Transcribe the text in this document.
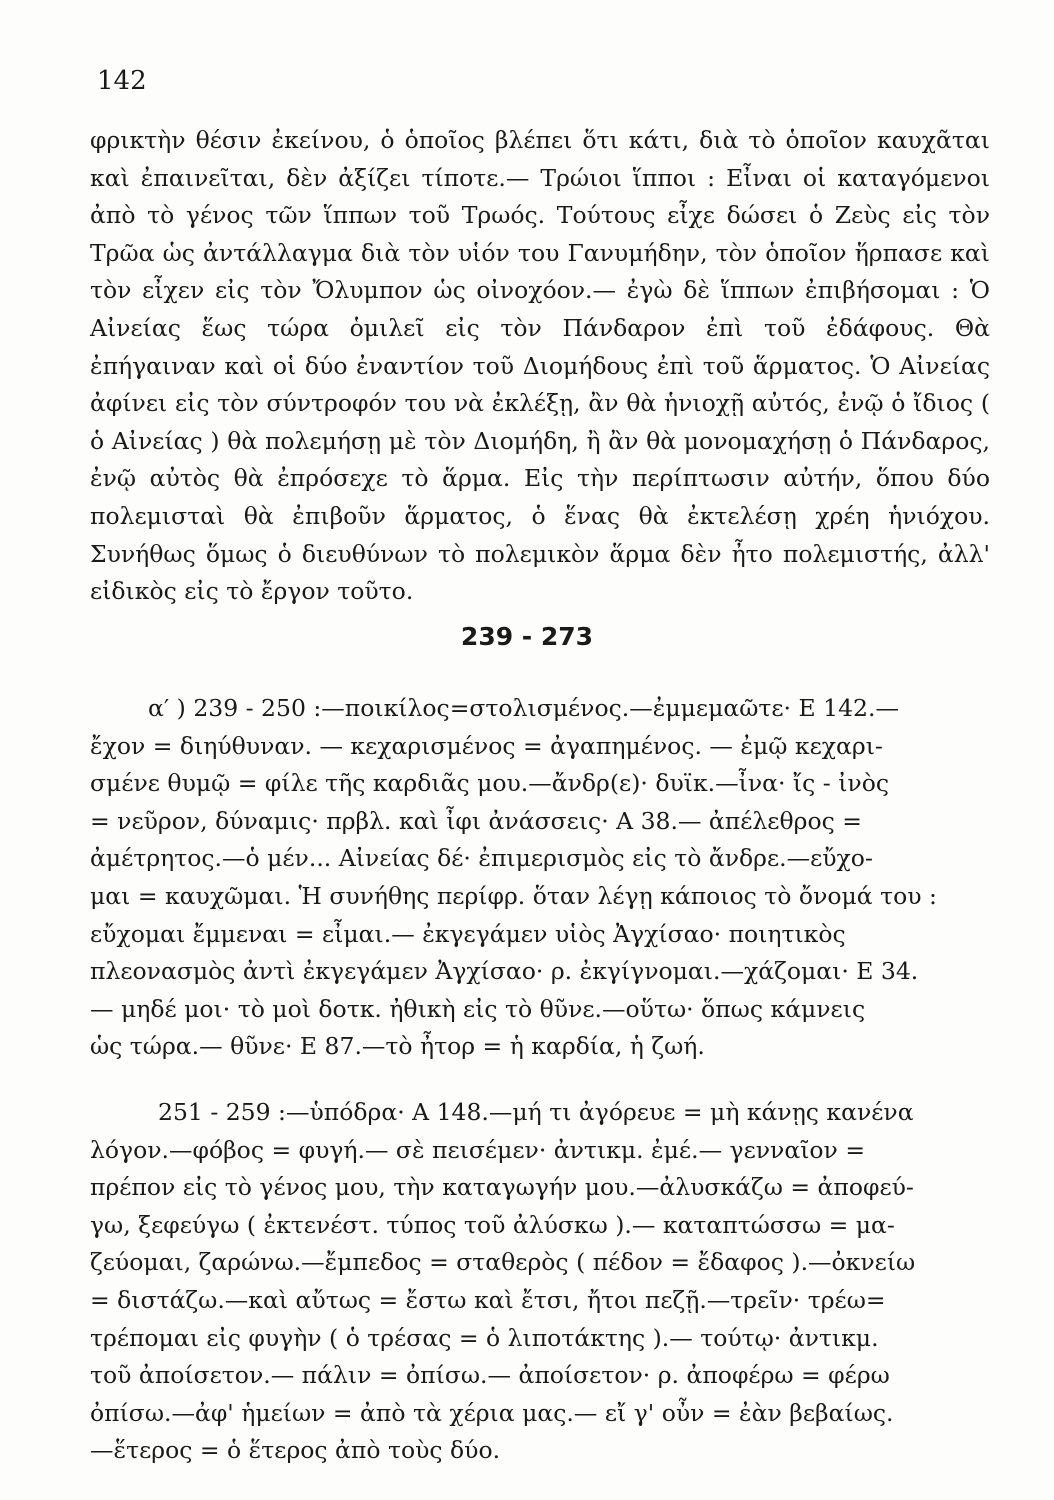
142

φρικτὴν θέσιν ἐκείνου, ὁ ὁποῖος βλέπει ὅτι κάτι, διὰ τὸ ὁποῖον καυχᾶται καὶ ἐπαινεῖται, δὲν ἀξίζει τίποτε.— Τρώιοι ἵπποι : Εἶναι οἱ καταγόμενοι ἀπὸ τὸ γένος τῶν ἵππων τοῦ Τρωός. Τούτους εἶχε δώσει ὁ Ζεὺς εἰς τὸν Τρῶα ὡς ἀντάλλαγμα διὰ τὸν υἱόν του Γανυμήδην, τὸν ὁποῖον ἥρπασε καὶ τὸν εἶχεν εἰς τὸν Ὄλυμπον ὡς οἰνοχόον.— ἐγὼ δὲ ἵππων ἐπιβήσομαι : Ὁ Αἰνείας ἕως τώρα ὁμιλεῖ εἰς τὸν Πάνδαρον ἐπὶ τοῦ ἐδάφους. Θὰ ἐπήγαιναν καὶ οἱ δύο ἐναντίον τοῦ Διομήδους ἐπὶ τοῦ ἅρματος. Ὁ Αἰνείας ἀφίνει εἰς τὸν σύντροφόν του νὰ ἐκλέξῃ, ἂν θὰ ἡνιοχῇ αὐτός, ἐνῷ ὁ ἴδιος ( ὁ Αἰνείας ) θὰ πολεμήσῃ μὲ τὸν Διομήδη, ἢ ἂν θὰ μονομαχήσῃ ὁ Πάνδαρος, ἐνῷ αὐτὸς θὰ ἐπρόσεχε τὸ ἅρμα. Εἰς τὴν περίπτωσιν αὐτήν, ὅπου δύο πολεμισταὶ θὰ ἐπιβοῦν ἅρματος, ὁ ἕνας θὰ ἐκτελέσῃ χρέη ἡνιόχου. Συνήθως ὅμως ὁ διευθύνων τὸ πολεμικὸν ἅρμα δὲν ἦτο πολεμιστής, ἀλλ' εἰδικὸς εἰς τὸ ἔργον τοῦτο.

239 - 273
α′ ) 239 - 250 :—ποικίλος=στολισμένος.—ἐμμεμαῶτε· Ε 142.—
ἔχον = διηύθυναν. — κεχαρισμένος = ἀγαπημένος. — ἐμῷ κεχαρι-
σμένε θυμῷ = φίλε τῆς καρδιᾶς μου.—ἄνδρ(ε)· δυϊκ.—ἶνα· ἴς - ἰνὸς
= νεῦρον, δύναμις· πρβλ. καὶ ἶφι ἀνάσσεις· Α 38.— ἀπέλεθρος =
ἀμέτρητος.—ὁ μέν... Αἰνείας δέ· ἐπιμερισμὸς εἰς τὸ ἄνδρε.—εὔχο-
μαι = καυχῶμαι. Ἡ συνήθης περίφρ. ὅταν λέγῃ κάποιος τὸ ὄνομά του :
εὔχομαι ἔμμεναι = εἶμαι.— ἐκγεγάμεν υἱὸς Ἀγχίσαο· ποιητικὸς
πλεονασμὸς ἀντὶ ἐκγεγάμεν Ἀγχίσαο· ρ. ἐκγίγνομαι.—χάζομαι· Ε 34.
— μηδέ μοι· τὸ μοὶ δοτκ. ἠθικὴ εἰς τὸ θῦνε.—οὕτω· ὅπως κάμνεις
ὡς τώρα.— θῦνε· Ε 87.—τὸ ἦτορ = ἡ καρδία, ἡ ζωή.
251 - 259 :—ὑπόδρα· Α 148.—μή τι ἀγόρευε = μὴ κάνῃς κανένα
λόγον.—φόβος = φυγή.— σὲ πεισέμεν· ἀντικμ. ἐμέ.— γενναῖον =
πρέπον εἰς τὸ γένος μου, τὴν καταγωγήν μου.—ἀλυσκάζω = ἀποφεύ-
γω, ξεφεύγω ( ἐκτενέστ. τύπος τοῦ ἀλύσκω ).— καταπτώσσω = μα-
ζεύομαι, ζαρώνω.—ἔμπεδος = σταθερὸς ( πέδον = ἔδαφος ).—ὀκνείω
= διστάζω.—καὶ αὔτως = ἔστω καὶ ἔτσι, ἤτοι πεζῇ.—τρεῖν· τρέω=
τρέπομαι εἰς φυγὴν ( ὁ τρέσας = ὁ λιποτάκτης ).— τούτῳ· ἀντικμ.
τοῦ ἀποίσετον.— πάλιν = ὀπίσω.— ἀποίσετον· ρ. ἀποφέρω = φέρω
ὀπίσω.—ἀφ' ἡμείων = ἀπὸ τὰ χέρια μας.— εἴ γ' οὖν = ἐὰν βεβαίως.
—ἕτερος = ὁ ἕτερος ἀπὸ τοὺς δύο.
